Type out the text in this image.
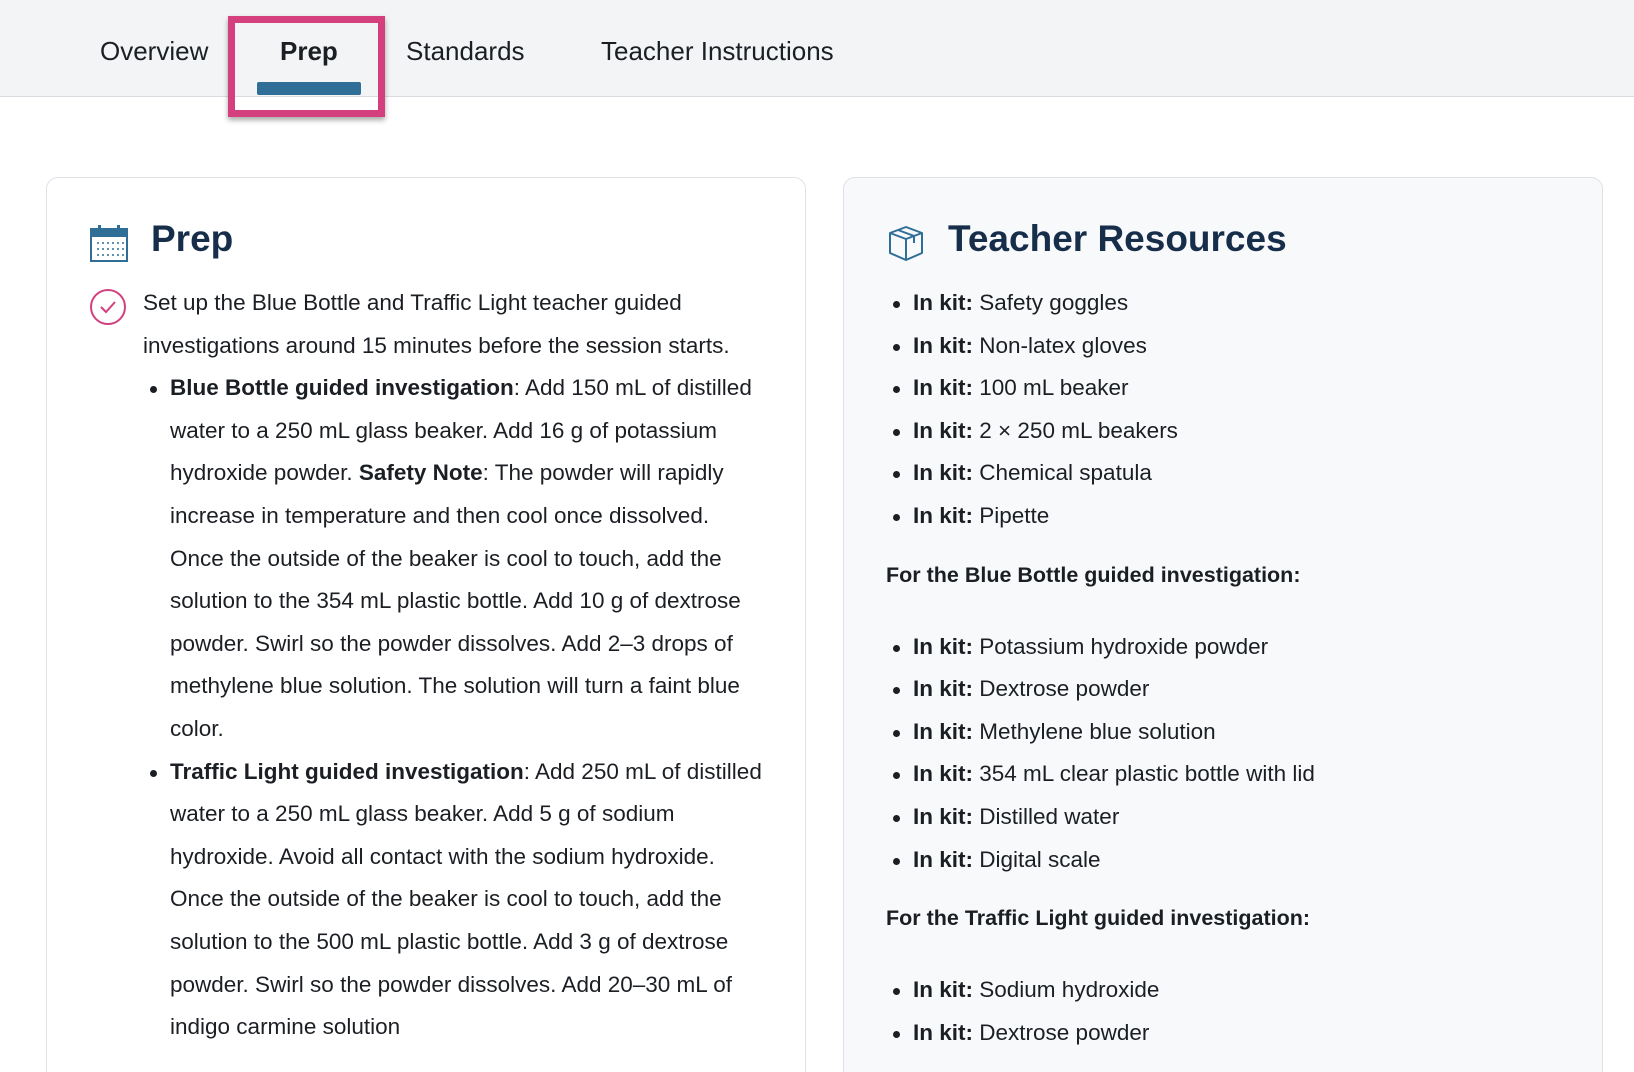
Overview	Prep	Standards	Teacher Instructions
Prep

Set up the Blue Bottle and Traffic Light teacher guided investigations around 15 minutes before the session starts.

Blue Bottle guided investigation: Add 150 mL of distilled water to a 250 mL glass beaker. Add 16 g of potassium hydroxide powder. Safety Note: The powder will rapidly increase in temperature and then cool once dissolved. Once the outside of the beaker is cool to touch, add the solution to the 354 mL plastic bottle. Add 10 g of dextrose powder. Swirl so the powder dissolves. Add 2–3 drops of methylene blue solution. The solution will turn a faint blue color.
Traffic Light guided investigation: Add 250 mL of distilled water to a 250 mL glass beaker. Add 5 g of sodium hydroxide. Avoid all contact with the sodium hydroxide. Once the outside of the beaker is cool to touch, add the solution to the 500 mL plastic bottle. Add 3 g of dextrose powder. Swirl so the powder dissolves. Add 20–30 mL of indigo carmine solution
Teacher Resources
In kit: Safety goggles
In kit: Non-latex gloves
In kit: 100 mL beaker
In kit: 2 × 250 mL beakers
In kit: Chemical spatula
In kit: Pipette
For the Blue Bottle guided investigation:
In kit: Potassium hydroxide powder
In kit: Dextrose powder
In kit: Methylene blue solution
In kit: 354 mL clear plastic bottle with lid
In kit: Distilled water
In kit: Digital scale
For the Traffic Light guided investigation:
In kit: Sodium hydroxide
In kit: Dextrose powder
